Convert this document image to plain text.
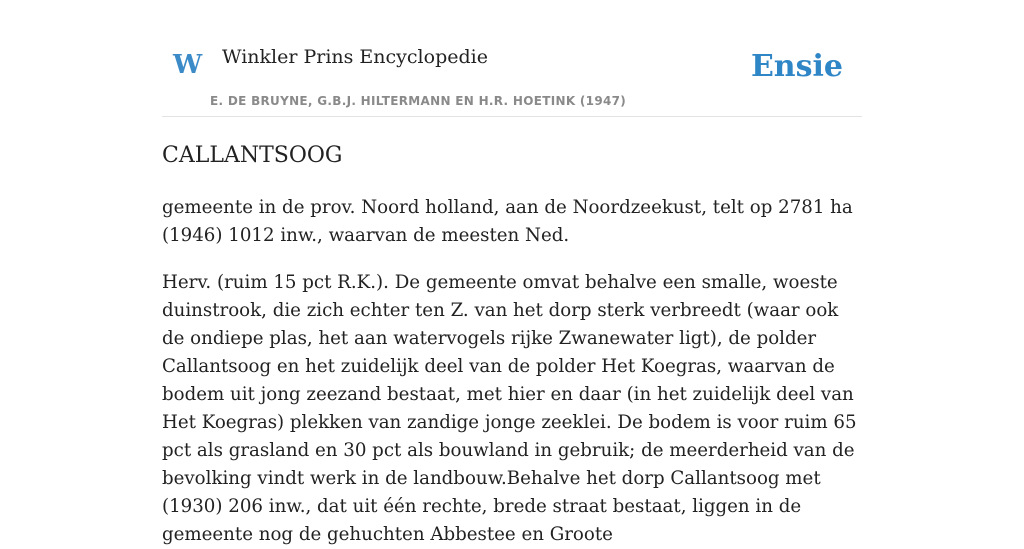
W Winkler Prins Encyclopedie
E. DE BRUYNE, G.B.J. HILTERMANN EN H.R. HOETINK (1947)
Ensie
CALLANTSOOG

gemeente in de prov. Noord holland, aan de Noordzeekust, telt op 2781 ha (1946) 1012 inw., waarvan de meesten Ned.

Herv. (ruim 15 pct R.K.). De gemeente omvat behalve een smalle, woeste duinstrook, die zich echter ten Z. van het dorp sterk verbreedt (waar ook de ondiepe plas, het aan watervogels rijke Zwanewater ligt), de polder Callantsoog en het zuidelijk deel van de polder Het Koegras, waarvan de bodem uit jong zeezand bestaat, met hier en daar (in het zuidelijk deel van Het Koegras) plekken van zandige jonge zeeklei. De bodem is voor ruim 65 pct als grasland en 30 pct als bouwland in gebruik; de meerderheid van de bevolking vindt werk in de landbouw.Behalve het dorp Callantsoog met (1930) 206 inw., dat uit één rechte, brede straat bestaat, liggen in de gemeente nog de gehuchten Abbestee en Groote
